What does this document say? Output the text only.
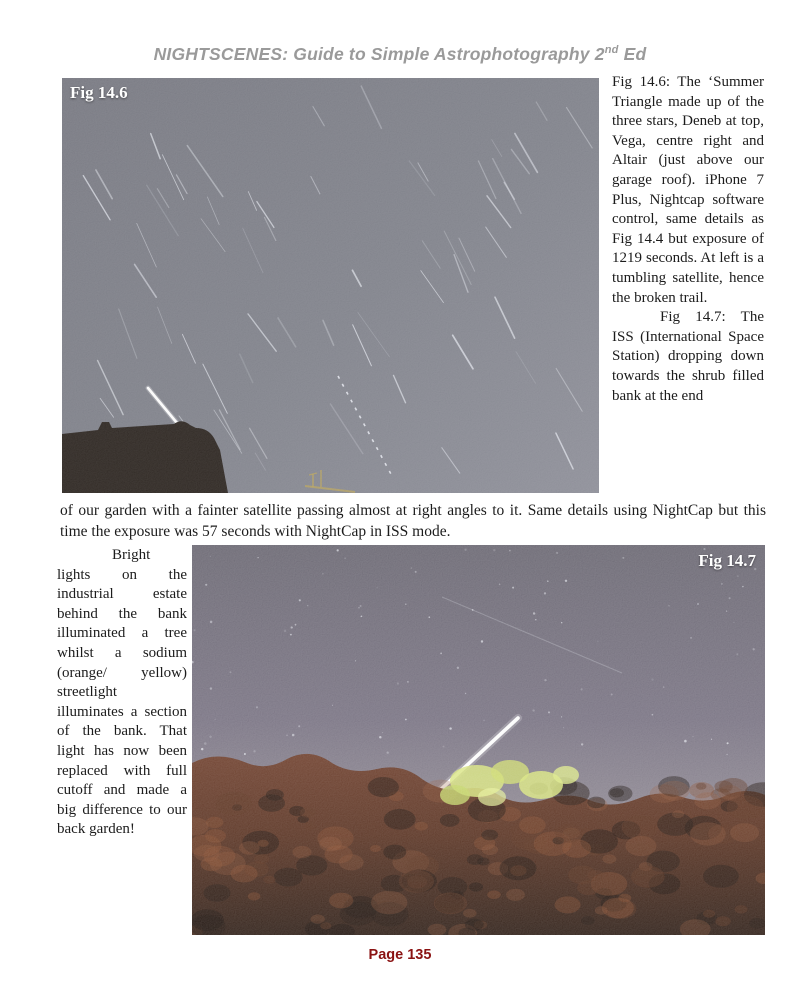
NIGHTSCENES: Guide to Simple Astrophotography 2nd Ed
Fig 14.6

Fig 14.6: The ‘Summer Triangle made up of the three stars, Deneb at top, Vega, centre right and Altair (just above our garage roof). iPhone 7 Plus, Nightcap software control, same details as Fig 14.4 but exposure of 1219 seconds. At left is a tumbling satellite, hence the broken trail.

Fig 14.7: The ISS (International Space Station) dropping down towards the shrub filled bank at the end

of our garden with a fainter satellite passing almost at right angles to it. Same details using NightCap but this time the exposure was 57 seconds with NightCap in ISS mode.

Bright lights on the industrial estate behind the bank illuminated a tree whilst a sodium (orange/ yellow) streetlight illuminates a section of the bank. That light has now been replaced with full cutoff and made a big difference to our back garden!

Fig 14.7
Page 135
